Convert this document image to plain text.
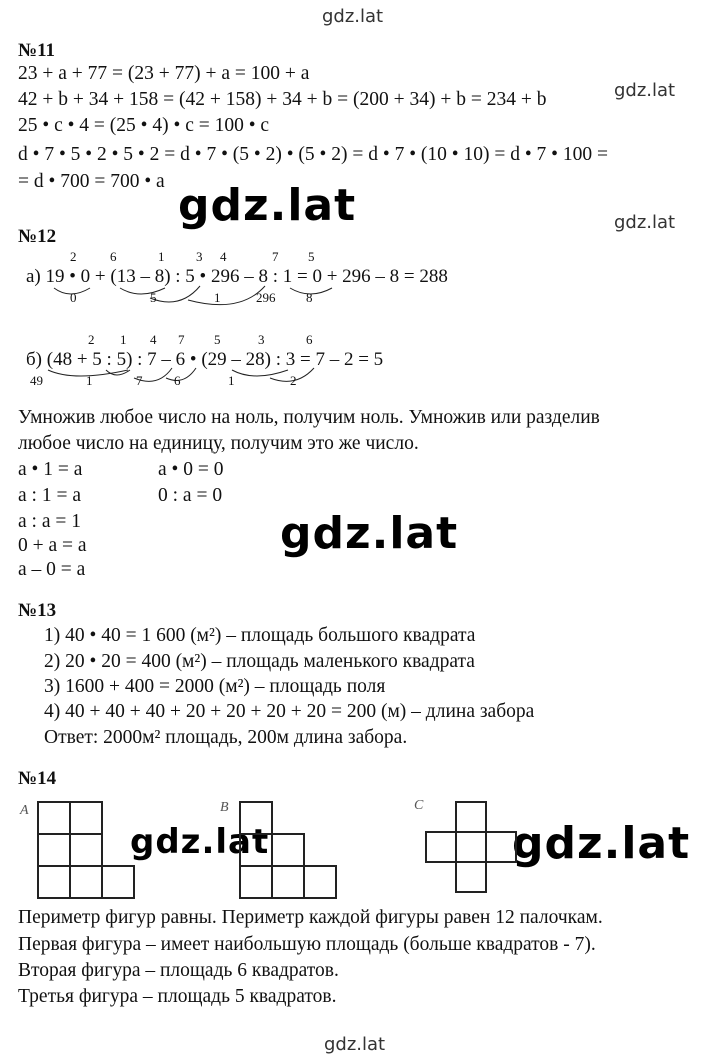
gdz.lat
gdz.lat
gdz.lat
gdz.lat
gdz.lat
gdz.lat	gdz.lat
gdz.lat
№11
23 + a + 77 = (23 + 77) + a = 100 + a
42 + b + 34 + 158 = (42 + 158) + 34 + b = (200 + 34) + b = 234 + b
25 • c • 4 = (25 • 4) • c = 100 • c
d • 7 • 5 • 2 • 5 • 2 = d • 7 • (5 • 2) • (5 • 2) = d • 7 • (10 • 10) = d • 7 • 100 =
= d • 700 = 700 • a
№12
2	6	1 3 4	7 5
а) 19 • 0 + (13 – 8) : 5 • 296 – 8 : 1 = 0 + 296 – 8 = 288
0	5	1	296 8
2 1 4 7 5	3	6
б) (48 + 5 : 5) : 7 – 6 • (29 – 28) : 3 = 7 – 2 = 5
49	1	7 6	1	2
Умножив любое число на ноль, получим ноль. Умножив или разделив
любое число на единицу, получим это же число.
a • 1 = a
a : 1 = a
a : a = 1
0 + a = a
a – 0 = a
a • 0 = 0
0 : a = 0
№13
1) 40 • 40 = 1 600 (м²) – площадь большого квадрата
2) 20 • 20 = 400 (м²) – площадь маленького квадрата
3) 1600 + 400 = 2000 (м²) – площадь поля
4) 40 + 40 + 40 + 20 + 20 + 20 + 20 = 200 (м) – длина забора
Ответ: 2000м² площадь, 200м длина забора.
№14
A	B	C
Периметр фигур равны. Периметр каждой фигуры равен 12 палочкам.
Первая фигура – имеет наибольшую площадь (больше квадратов - 7).
Вторая фигура – площадь 6 квадратов.
Третья фигура – площадь 5 квадратов.
